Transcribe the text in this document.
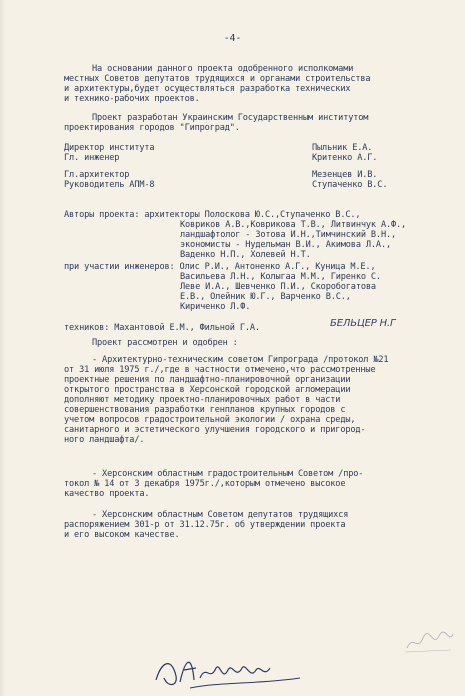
-4-
На основании данного проекта одобренного исполкомами
местных Советов депутатов трудящихся и органами строительства
и архитектуры,будет осуществляться разработка технических
и технико-рабочих проектов.
Проект разработан Украинским Государственным институтом
проектирования городов "Гипроград".
Директор института	Пыльник Е.А.
Гл. инженер	Критенко А.Г.
Гл.архитектор	Мезенцев И.В.
Руководитель АПМ-8	Ступаченко В.С.
Авторы проекта: архитекторы Полоскова Ю.С.,Ступаченко В.С.,
Ковриков А.В.,Коврикова Т.В., Литвинчук А.Ф.,
ландшафтолог - Зотова И.Н.,Тимчинский В.Н.,
экономисты - Нудельман В.И., Акимова Л.А.,
Ваденко Н.П., Холевей Н.Т.
при участии инженеров: Олис Р.И., Антоненко А.Г., Куница М.Е.,
Васильева Л.Н., Колыгаа М.М., Гиренко С.
Левe И.А., Шевченко П.И., Скоробогатова
Е.В., Олейник Ю.Г., Варченко В.С.,
Кириченко Л.Ф.
техников: Махантовой Е.М., Фильной Г.А.	БЕЛЬЦЕР Н.Г
Проект рассмотрен и одобрен :
- Архитектурно-техническим советом Гипрограда /протокол №21
от 31 июля 1975 г./,где в частности отмечено,что рассмотренные
проектные решения по ландшафтно-планировочной организации
открытого пространства в Херсонской городской агломерации
дополняют методику проектно-планировочных работ в части
совершенствования разработки генпланов крупных городов с
учетом вопросов градостроительной экологии / охрана среды,
санитарного и эстетического улучшения городского и пригород-
ного ландшафта/.
- Херсонским областным градостроительным Советом /про-
токол № 14 от 3 декабря 1975г./,которым отмечено высокое
качество проекта.
- Херсонским областным Советом депутатов трудящихся
распоряжением 301-р от 31.12.75г. об утверждении проекта
и его высоком качестве.
